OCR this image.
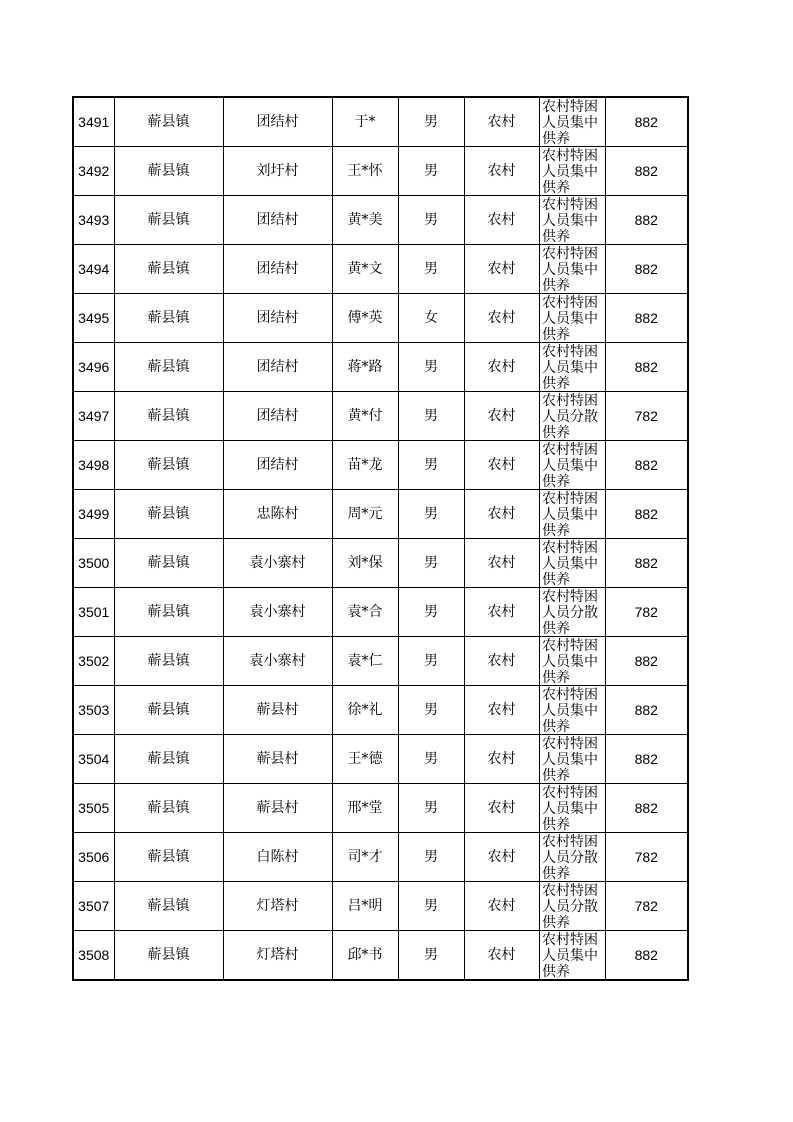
3491	蕲县镇	团结村	于*	男	农村	农村特困人员集中供养	882
3492	蕲县镇	刘圩村	王*怀	男	农村	农村特困人员集中供养	882
3493	蕲县镇	团结村	黄*美	男	农村	农村特困人员集中供养	882
3494	蕲县镇	团结村	黄*文	男	农村	农村特困人员集中供养	882
3495	蕲县镇	团结村	傅*英	女	农村	农村特困人员集中供养	882
3496	蕲县镇	团结村	蒋*路	男	农村	农村特困人员集中供养	882
3497	蕲县镇	团结村	黄*付	男	农村	农村特困人员分散供养	782
3498	蕲县镇	团结村	苗*龙	男	农村	农村特困人员集中供养	882
3499	蕲县镇	忠陈村	周*元	男	农村	农村特困人员集中供养	882
3500	蕲县镇	袁小寨村	刘*保	男	农村	农村特困人员集中供养	882
3501	蕲县镇	袁小寨村	袁*合	男	农村	农村特困人员分散供养	782
3502	蕲县镇	袁小寨村	袁*仁	男	农村	农村特困人员集中供养	882
3503	蕲县镇	蕲县村	徐*礼	男	农村	农村特困人员集中供养	882
3504	蕲县镇	蕲县村	王*德	男	农村	农村特困人员集中供养	882
3505	蕲县镇	蕲县村	邢*堂	男	农村	农村特困人员集中供养	882
3506	蕲县镇	白陈村	司*才	男	农村	农村特困人员分散供养	782
3507	蕲县镇	灯塔村	吕*明	男	农村	农村特困人员分散供养	782
3508	蕲县镇	灯塔村	邱*书	男	农村	农村特困人员集中供养	882
